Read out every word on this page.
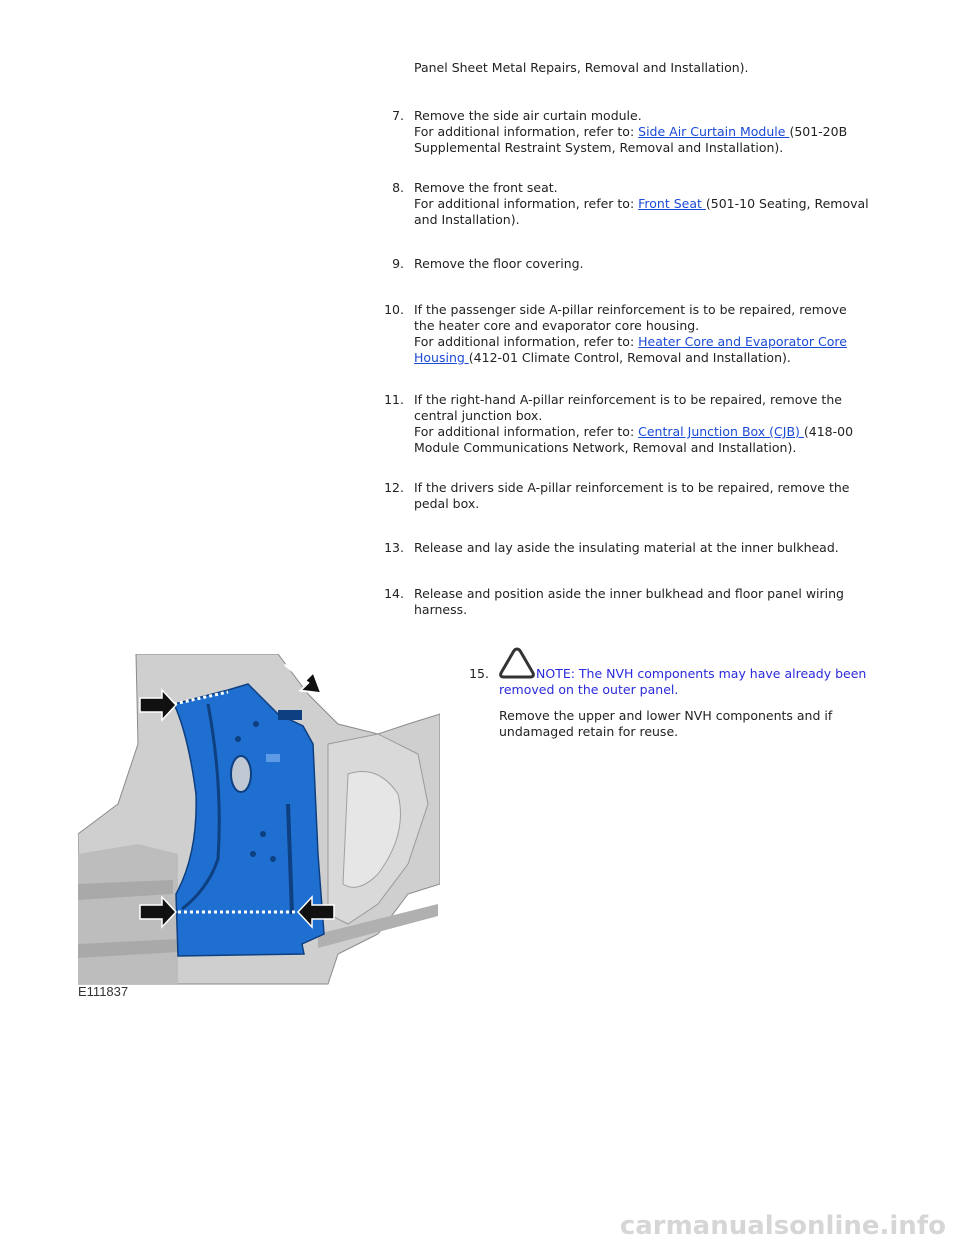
Panel Sheet Metal Repairs, Removal and Installation).
7. Remove the side air curtain module.
For additional information, refer to: Side Air Curtain Module (501-20B
Supplemental Restraint System, Removal and Installation).
8. Remove the front seat.
For additional information, refer to: Front Seat (501-10 Seating, Removal
and Installation).
9. Remove the floor covering.
10. If the passenger side A-pillar reinforcement is to be repaired, remove
the heater core and evaporator core housing.
For additional information, refer to: Heater Core and Evaporator Core
Housing (412-01 Climate Control, Removal and Installation).
11. If the right-hand A-pillar reinforcement is to be repaired, remove the
central junction box.
For additional information, refer to: Central Junction Box (CJB) (418-00
Module Communications Network, Removal and Installation).
12. If the drivers side A-pillar reinforcement is to be repaired, remove the
pedal box.
13. Release and lay aside the insulating material at the inner bulkhead.
14. Release and position aside the inner bulkhead and floor panel wiring
harness.
15.	NOTE: The NVH components may have already been
removed on the outer panel.
Remove the upper and lower NVH components and if
undamaged retain for reuse.
E111837
carmanualsonline.info
